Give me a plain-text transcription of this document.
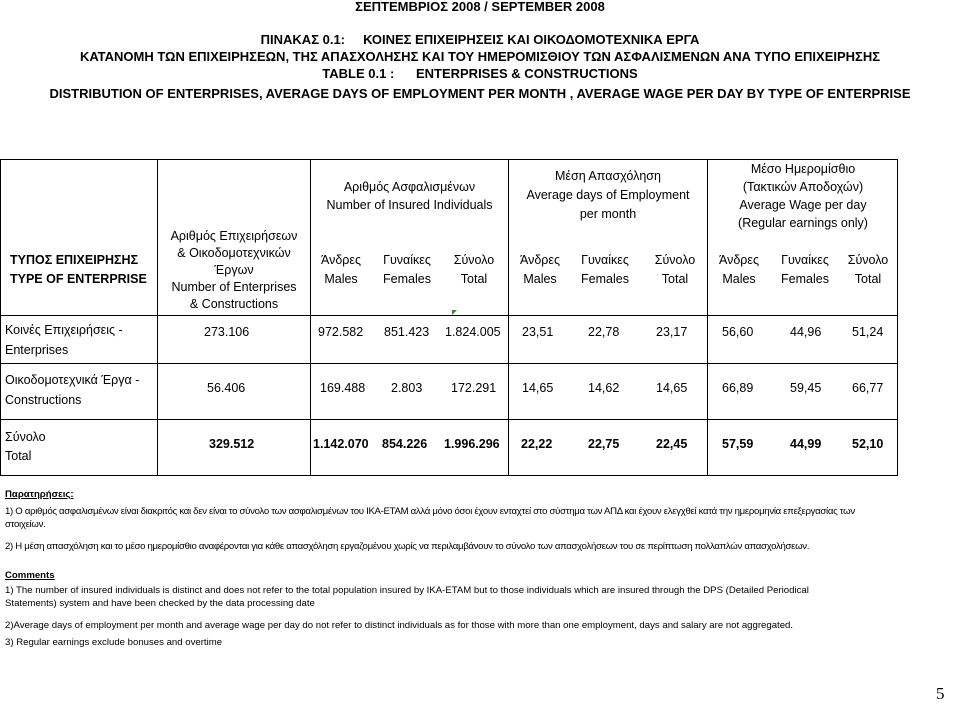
ΣΕΠΤΕΜΒΡΙΟΣ 2008 / SEPTEMBER 2008
ΠΙΝΑΚΑΣ 0.1:     ΚΟΙΝΕΣ ΕΠΙΧΕΙΡΗΣΕΙΣ ΚΑΙ ΟΙΚΟΔΟΜΟΤΕΧΝΙΚΑ ΕΡΓΑ
ΚΑΤΑΝΟΜΗ ΤΩΝ ΕΠΙΧΕΙΡΗΣΕΩΝ, ΤΗΣ ΑΠΑΣΧΟΛΗΣΗΣ ΚΑΙ ΤΟΥ ΗΜΕΡΟΜΙΣΘΙΟΥ ΤΩΝ ΑΣΦΑΛΙΣΜΕΝΩΝ ΑΝΑ ΤΥΠΟ ΕΠΙΧΕΙΡΗΣΗΣ
TABLE 0.1 :      ENTERPRISES & CONSTRUCTIONS
DISTRIBUTION OF ENTERPRISES, AVERAGE DAYS OF EMPLOYMENT PER MONTH , AVERAGE WAGE PER DAY BY TYPE OF ENTERPRISE
ΤΥΠΟΣ ΕΠΙΧΕΙΡΗΣΗΣ
TYPE OF ENTERPRISE
Αριθμός Επιχειρήσεων
& Οικοδομοτεχνικών
Έργων
Number of Enterprises
& Constructions
Αριθμός Ασφαλισμένων
Number of Insured Individuals
Μέση Απασχόληση
Average days of Employment
per month
Μέσο Ημερομίσθιο
(Τακτικών Αποδοχών)
Average Wage per day
(Regular earnings only)
Άνδρες
Males
Γυναίκες
Females
Σύνολο
Total
Άνδρες
Males
Γυναίκες
Females
Σύνολο
Total
Άνδρες
Males
Γυναίκες
Females
Σύνολο
Total
Κοινές Επιχειρήσεις -
Enterprises
273.106	972.582 851.423 1.824.005 23,51	22,78	23,17	56,60	44,96 51,24
Οικοδομοτεχνικά Έργα -
Constructions
56.406	169.488 2.803 172.291 14,65	14,62	14,65	66,89	59,45 66,77
Σύνολο
Total
329.512	1.142.070 854.226 1.996.296 22,22	22,75	22,45	57,59	44,99 52,10
Παρατηρήσεις:
1) Ο αριθμός ασφαλισμένων είναι διακριτός και δεν είναι το σύνολο των ασφαλισμένων του ΙΚΑ-ΕΤΑΜ αλλά μόνο όσοι έχουν ενταχτεί στο σύστημα των ΑΠΔ και έχουν ελεγχθεί κατά την ημερομηνία επεξεργασίας των στοιχείων.
2) Η μέση απασχόληση και το μέσο ημερομίσθιο αναφέρονται για κάθε απασχόληση εργαζομένου χωρίς να περιλαμβάνουν το σύνολο των απασχολήσεων του σε περίπτωση πολλαπλών απασχολήσεων.
Comments
1) The number of insured individuals is distinct and does not refer to the total population insured by IKA-ETAM but to those individuals which are insured through the DPS (Detailed Periodical Statements) system and have been checked by the data processing date
2)Average days of employment per month and average wage per day do not refer to distinct individuals as for those with more than one employment, days and salary are not aggregated.
3) Regular earnings exclude bonuses and overtime
5
